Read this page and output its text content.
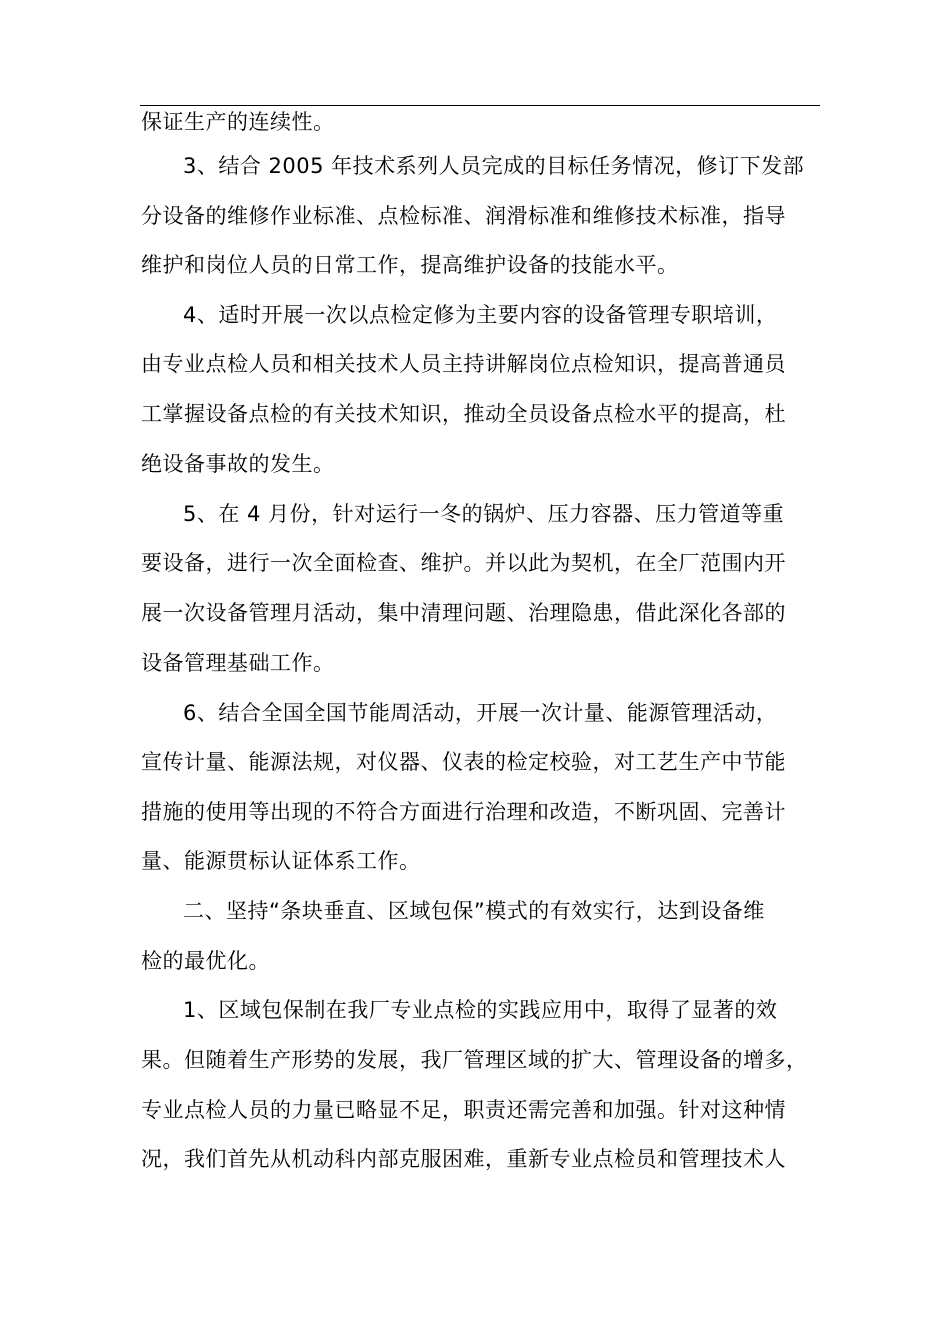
保证生产的连续性。
3、结合 2005 年技术系列人员完成的目标任务情况，修订下发部
分设备的维修作业标准、点检标准、润滑标准和维修技术标准，指导
维护和岗位人员的日常工作，提高维护设备的技能水平。
4、适时开展一次以点检定修为主要内容的设备管理专职培训，
由专业点检人员和相关技术人员主持讲解岗位点检知识，提高普通员
工掌握设备点检的有关技术知识，推动全员设备点检水平的提高，杜
绝设备事故的发生。
5、在 4 月份，针对运行一冬的锅炉、压力容器、压力管道等重
要设备，进行一次全面检查、维护。并以此为契机，在全厂范围内开
展一次设备管理月活动，集中清理问题、治理隐患，借此深化各部的
设备管理基础工作。
6、结合全国全国节能周活动，开展一次计量、能源管理活动，
宣传计量、能源法规，对仪器、仪表的检定校验，对工艺生产中节能
措施的使用等出现的不符合方面进行治理和改造，不断巩固、完善计
量、能源贯标认证体系工作。
二、坚持“条块垂直、区域包保”模式的有效实行，达到设备维
检的最优化。
1、区域包保制在我厂专业点检的实践应用中，取得了显著的效
果。但随着生产形势的发展，我厂管理区域的扩大、管理设备的增多，
专业点检人员的力量已略显不足，职责还需完善和加强。针对这种情
况，我们首先从机动科内部克服困难，重新专业点检员和管理技术人
